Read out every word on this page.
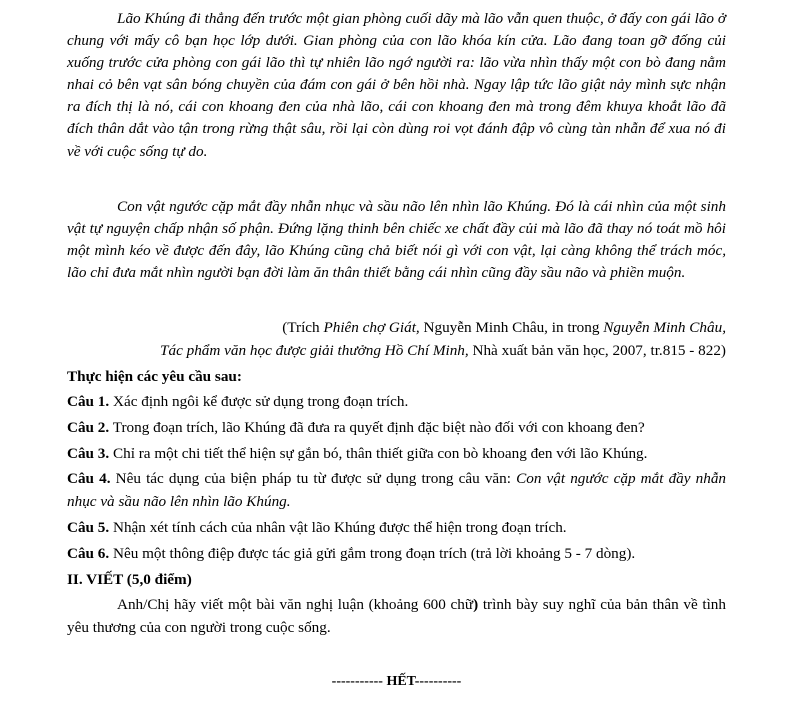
Lão Khúng đi thẳng đến trước một gian phòng cuối dãy mà lão vẫn quen thuộc, ở đấy con gái lão ở chung với mấy cô bạn học lớp dưới. Gian phòng của con lão khóa kín cửa. Lão đang toan gỡ đống củi xuống trước cửa phòng con gái lão thì tự nhiên lão ngớ người ra: lão vừa nhìn thấy một con bò đang nằm nhai cỏ bên vạt sân bóng chuyền của đám con gái ở bên hồi nhà. Ngay lập tức lão giật nảy mình sực nhận ra đích thị là nó, cái con khoang đen của nhà lão, cái con khoang đen mà trong đêm khuya khoắt lão đã đích thân dắt vào tận trong rừng thật sâu, rồi lại còn dùng roi vọt đánh đập vô cùng tàn nhẫn để xua nó đi về với cuộc sống tự do.

Con vật ngước cặp mắt đầy nhẫn nhục và sầu não lên nhìn lão Khúng. Đó là cái nhìn của một sinh vật tự nguyện chấp nhận số phận. Đứng lặng thinh bên chiếc xe chất đầy củi mà lão đã thay nó toát mồ hôi một mình kéo về được đến đây, lão Khúng cũng chả biết nói gì với con vật, lại càng không thể trách móc, lão chỉ đưa mắt nhìn người bạn đời làm ăn thân thiết bằng cái nhìn cũng đầy sầu não và phiền muộn.

(Trích Phiên chợ Giát, Nguyễn Minh Châu, in trong Nguyễn Minh Châu,

Tác phẩm văn học được giải thưởng Hồ Chí Minh, Nhà xuất bản văn học, 2007, tr.815 - 822)

Thực hiện các yêu cầu sau:

Câu 1. Xác định ngôi kể được sử dụng trong đoạn trích.

Câu 2. Trong đoạn trích, lão Khúng đã đưa ra quyết định đặc biệt nào đối với con khoang đen?

Câu 3. Chỉ ra một chi tiết thể hiện sự gắn bó, thân thiết giữa con bò khoang đen với lão Khúng.

Câu 4. Nêu tác dụng của biện pháp tu từ được sử dụng trong câu văn: Con vật ngước cặp mắt đầy nhẫn nhục và sầu não lên nhìn lão Khúng.

Câu 5. Nhận xét tính cách của nhân vật lão Khúng được thể hiện trong đoạn trích.

Câu 6. Nêu một thông điệp được tác giả gửi gắm trong đoạn trích (trả lời khoảng 5 - 7 dòng).

II. VIẾT (5,0 điểm)

Anh/Chị hãy viết một bài văn nghị luận (khoảng 600 chữ) trình bày suy nghĩ của bản thân về tình yêu thương của con người trong cuộc sống.

----------- HẾT----------
